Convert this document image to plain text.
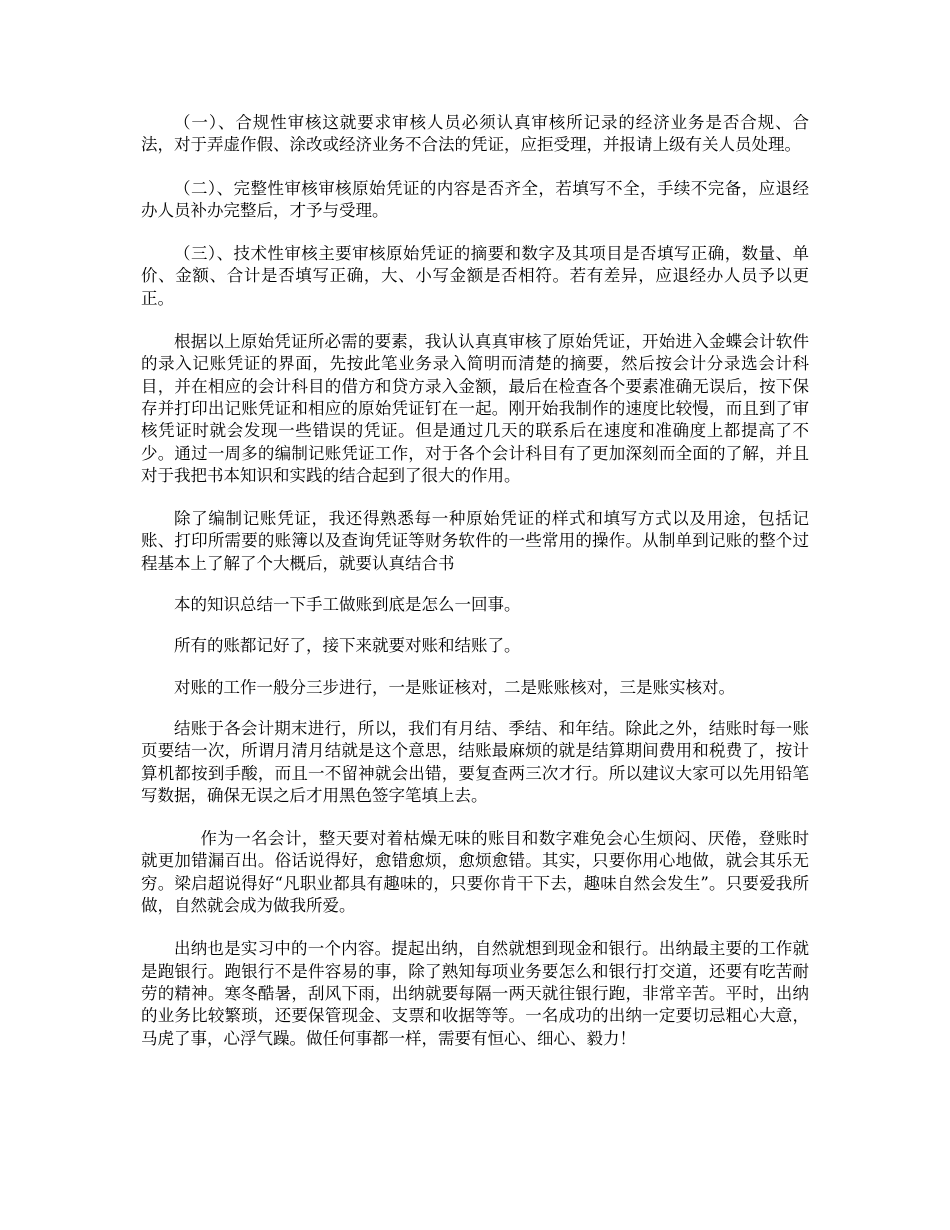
（一）、合规性审核这就要求审核人员必须认真审核所记录的经济业务是否合规、合法，对于弄虚作假、涂改或经济业务不合法的凭证，应拒受理，并报请上级有关人员处理。

（二）、完整性审核审核原始凭证的内容是否齐全，若填写不全，手续不完备，应退经办人员补办完整后，才予与受理。

（三）、技术性审核主要审核原始凭证的摘要和数字及其项目是否填写正确，数量、单价、金额、合计是否填写正确，大、小写金额是否相符。若有差异，应退经办人员予以更正。

根据以上原始凭证所必需的要素，我认认真真审核了原始凭证，开始进入金蝶会计软件的录入记账凭证的界面，先按此笔业务录入简明而清楚的摘要，然后按会计分录选会计科目，并在相应的会计科目的借方和贷方录入金额，最后在检查各个要素准确无误后，按下保存并打印出记账凭证和相应的原始凭证钉在一起。刚开始我制作的速度比较慢，而且到了审核凭证时就会发现一些错误的凭证。但是通过几天的联系后在速度和准确度上都提高了不少。通过一周多的编制记账凭证工作，对于各个会计科目有了更加深刻而全面的了解，并且对于我把书本知识和实践的结合起到了很大的作用。

除了编制记账凭证，我还得熟悉每一种原始凭证的样式和填写方式以及用途，包括记账、打印所需要的账簿以及查询凭证等财务软件的一些常用的操作。从制单到记账的整个过程基本上了解了个大概后，就要认真结合书

本的知识总结一下手工做账到底是怎么一回事。

所有的账都记好了，接下来就要对账和结账了。

对账的工作一般分三步进行，一是账证核对，二是账账核对，三是账实核对。

结账于各会计期末进行，所以，我们有月结、季结、和年结。除此之外，结账时每一账页要结一次，所谓月清月结就是这个意思，结账最麻烦的就是结算期间费用和税费了，按计算机都按到手酸，而且一不留神就会出错，要复查两三次才行。所以建议大家可以先用铅笔写数据，确保无误之后才用黑色签字笔填上去。

作为一名会计，整天要对着枯燥无味的账目和数字难免会心生烦闷、厌倦，登账时就更加错漏百出。俗话说得好，愈错愈烦，愈烦愈错。其实，只要你用心地做，就会其乐无穷。梁启超说得好“凡职业都具有趣味的，只要你肯干下去，趣味自然会发生”。只要爱我所做，自然就会成为做我所爱。

出纳也是实习中的一个内容。提起出纳，自然就想到现金和银行。出纳最主要的工作就是跑银行。跑银行不是件容易的事，除了熟知每项业务要怎么和银行打交道，还要有吃苦耐劳的精神。寒冬酷暑，刮风下雨，出纳就要每隔一两天就往银行跑，非常辛苦。平时，出纳的业务比较繁琐，还要保管现金、支票和收据等等。一名成功的出纳一定要切忌粗心大意，马虎了事，心浮气躁。做任何事都一样，需要有恒心、细心、毅力！
